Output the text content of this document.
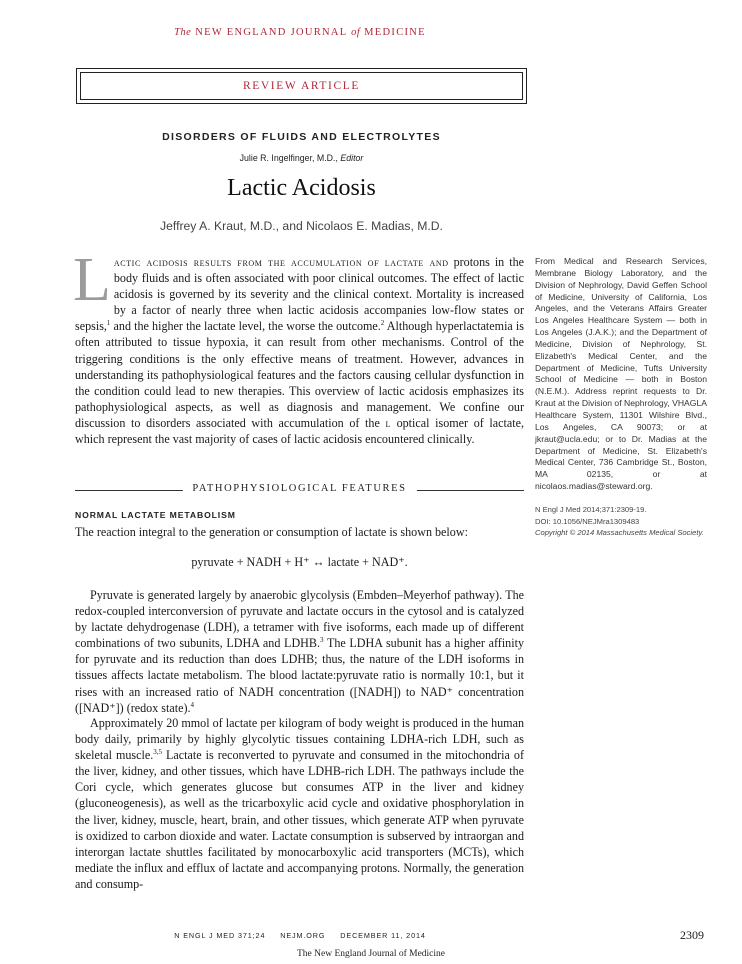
The NEW ENGLAND JOURNAL of MEDICINE
REVIEW ARTICLE
DISORDERS OF FLUIDS AND ELECTROLYTES
Julie R. Ingelfinger, M.D., Editor
Lactic Acidosis
Jeffrey A. Kraut, M.D., and Nicolaos E. Madias, M.D.
Lactic acidosis results from the accumulation of lactate and protons in the body fluids and is often associated with poor clinical outcomes. The effect of lactic acidosis is governed by its severity and the clinical context. Mortality is increased by a factor of nearly three when lactic acidosis accompanies low-flow states or sepsis,$^1$ and the higher the lactate level, the worse the outcome.$^2$ Although hyperlactatemia is often attributed to tissue hypoxia, it can result from other mechanisms. Control of the triggering conditions is the only effective means of treatment. However, advances in understanding its pathophysiological features and the factors causing cellular dysfunction in the condition could lead to new therapies. This overview of lactic acidosis emphasizes its pathophysiological aspects, as well as diagnosis and management. We confine our discussion to disorders associated with accumulation of the l optical isomer of lactate, which represent the vast majority of cases of lactic acidosis encountered clinically.
From Medical and Research Services, Membrane Biology Laboratory, and the Division of Nephrology, David Geffen School of Medicine, University of California, Los Angeles, and the Veterans Affairs Greater Los Angeles Healthcare System — both in Los Angeles (J.A.K.); and the Department of Medicine, Division of Nephrology, St. Elizabeth's Medical Center, and the Department of Medicine, Tufts University School of Medicine — both in Boston (N.E.M.). Address reprint requests to Dr. Kraut at the Division of Nephrology, VHAGLA Healthcare System, 11301 Wilshire Blvd., Los Angeles, CA 90073; or at jkraut@ucla.edu; or to Dr. Madias at the Department of Medicine, St. Elizabeth's Medical Center, 736 Cambridge St., Boston, MA 02135, or at nicolaos.madias@steward.org.
N Engl J Med 2014;371:2309-19.
DOI: 10.1056/NEJMra1309483
Copyright © 2014 Massachusetts Medical Society.
PATHOPHYSIOLOGICAL FEATURES
NORMAL LACTATE METABOLISM
The reaction integral to the generation or consumption of lactate is shown below:
pyruvate + NADH + H⁺ ↔ lactate + NAD⁺.
Pyruvate is generated largely by anaerobic glycolysis (Embden–Meyerhof pathway). The redox-coupled interconversion of pyruvate and lactate occurs in the cytosol and is catalyzed by lactate dehydrogenase (LDH), a tetramer with five isoforms, each made up of different combinations of two subunits, LDHA and LDHB.$^3$ The LDHA subunit has a higher affinity for pyruvate and its reduction than does LDHB; thus, the nature of the LDH isoforms in tissues affects lactate metabolism. The blood lactate:pyruvate ratio is normally 10:1, but it rises with an increased ratio of NADH concentration ([NADH]) to NAD⁺ concentration ([NAD⁺]) (redox state).$^4$
Approximately 20 mmol of lactate per kilogram of body weight is produced in the human body daily, primarily by highly glycolytic tissues containing LDHA-rich LDH, such as skeletal muscle.$^{3,5}$ Lactate is reconverted to pyruvate and consumed in the mitochondria of the liver, kidney, and other tissues, which have LDHB-rich LDH. The pathways include the Cori cycle, which generates glucose but consumes ATP in the liver and kidney (gluconeogenesis), as well as the tricarboxylic acid cycle and oxidative phosphorylation in the liver, kidney, muscle, heart, brain, and other tissues, which generate ATP when pyruvate is oxidized to carbon dioxide and water. Lactate consumption is subserved by intraorgan and interorgan lactate shuttles facilitated by monocarboxylic acid transporters (MCTs), which mediate the influx and efflux of lactate and accompanying protons. Normally, the generation and consump-
N ENGL J MED 371;24 NEJM.ORG DECEMBER 11, 2014	2309
The New England Journal of Medicine
